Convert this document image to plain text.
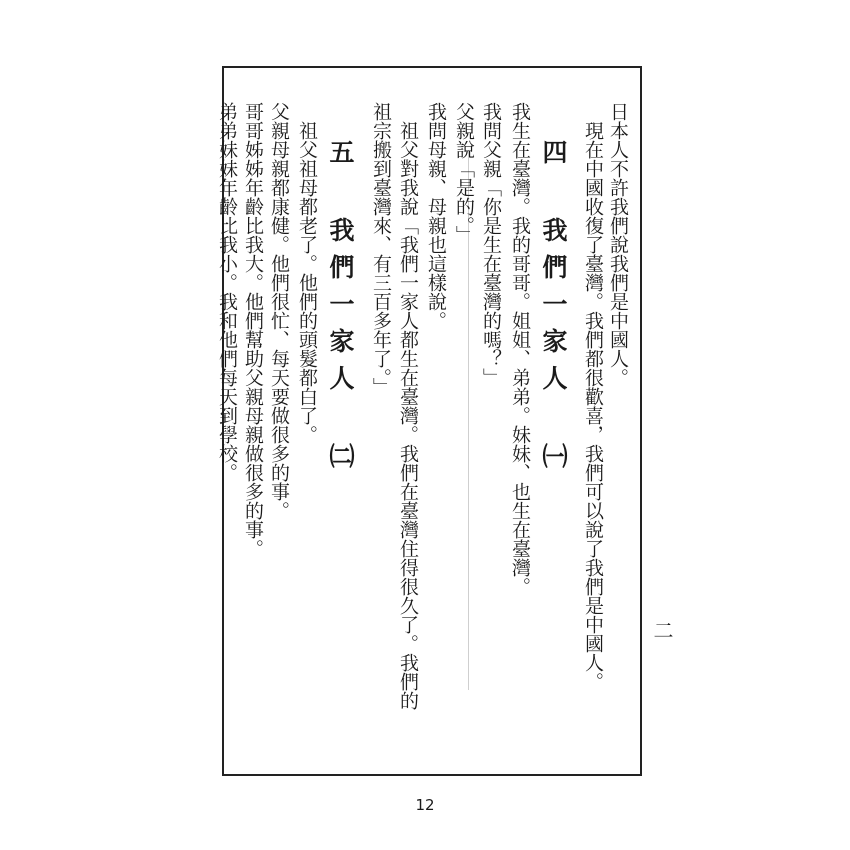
日本人不許我們說我們是中國人。
　現在中國收復了臺灣。我們都很歡喜，我們可以說了我們是中國人。
　四 我們一家人 ㈠
我生在臺灣。我的哥哥。姐姐、弟弟。妹妹、也生在臺灣。
我問父親「你是生在臺灣的嗎？」
父親說「是的。」
　祖父對我說「我們一家人都生在臺灣。我們在臺灣住得很久了。我們的
祖宗搬到臺灣來、有三百多年了。」 我問母親、母親也這樣說。
　五 我們一家人 ㈡
　祖父祖母都老了。他們的頭髮都白了。
父親母親都康健。他們很忙、每天要做很多的事。
哥哥姊姊年齡比我大。他們幫助父親母親做很多的事。
弟弟妹妹年齡比我小。我和他們每天到學校。
二
12
